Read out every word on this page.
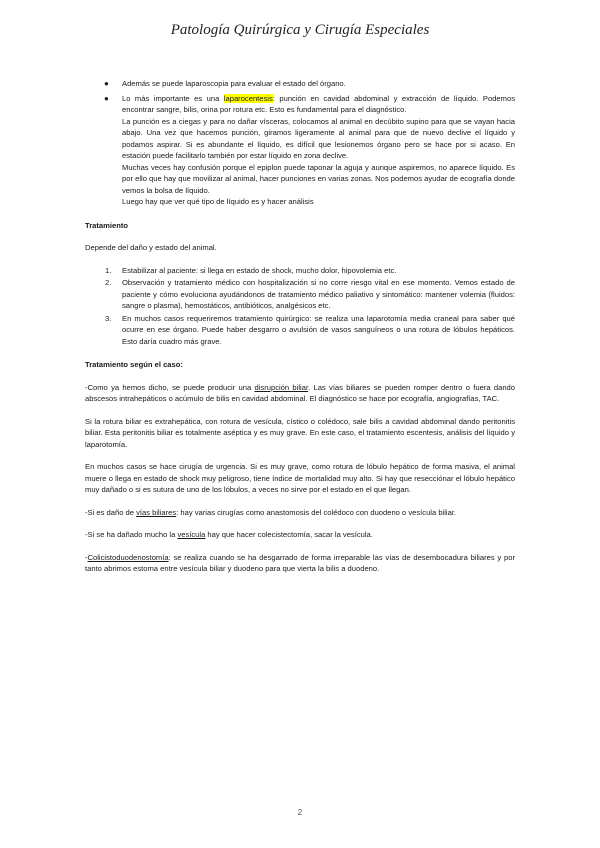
Patología Quirúrgica y Cirugía Especiales
● Además se puede laparoscopia para evaluar el estado del órgano.

● Lo más importante es una laparocentesis: punción en cavidad abdominal y extracción de líquido. Podemos encontrar sangre, bilis, orina por rotura etc. Esto es fundamental para el diagnóstico.

La punción es a ciegas y para no dañar vísceras, colocamos al animal en decúbito supino para que se vayan hacia abajo. Una vez que hacemos punción, giramos ligeramente al animal para que de nuevo declive el líquido y podamos aspirar. Si es abundante el líquido, es difícil que lesionemos órgano pero se hace por si acaso. En estación puede facilitarlo también por estar líquido en zona declive.

Muchas veces hay confusión porque el epiplon puede taponar la aguja y aunque aspiremos, no aparece líquido. Es por ello que hay que movilizar al animal, hacer punciones en varias zonas. Nos podemos ayudar de ecografía donde vemos la bolsa de líquido.

Luego hay que ver qué tipo de líquido es y hacer análisis

Tratamiento

Depende del daño y estado del animal.

1. Estabilizar al paciente: si llega en estado de shock, mucho dolor, hipovolemia etc.
2. Observación y tratamiento médico con hospitalización si no corre riesgo vital en ese momento. Vemos estado de paciente y cómo evoluciona ayudándonos de tratamiento médico paliativo y sintomático: mantener volemia (fluidos: sangre o plasma), hemostáticos, antibióticos, analgésicos etc.
3. En muchos casos requeriremos tratamiento quirúrgico: se realiza una laparotomía media craneal para saber qué ocurre en ese órgano. Puede haber desgarro o avulsión de vasos sanguíneos o una rotura de lóbulos hepáticos. Esto daría cuadro más grave.
Tratamiento según el caso:

-Como ya hemos dicho, se puede producir una disrupción biliar. Las vías biliares se pueden romper dentro o fuera dando abscesos intrahepáticos o acúmulo de bilis en cavidad abdominal. El diagnóstico se hace por ecografía, angiografías, TAC.

Si la rotura biliar es extrahepática, con rotura de vesícula, cístico o colédoco, sale bilis a cavidad abdominal dando peritonitis biliar. Esta peritonitis biliar es totalmente aséptica y es muy grave. En este caso, el tratamiento escentesis, análisis del líquido y laparotomía.

En muchos casos se hace cirugía de urgencia. Si es muy grave, como rotura de lóbulo hepático de forma masiva, el animal muere o llega en estado de shock muy peligroso, tiene índice de mortalidad muy alto. Si hay que resecciónar el lóbulo hepático muy dañado o si es sutura de uno de los lóbulos, a veces no sirve por el estado en el que llegan.

-Si es daño de vías biliares: hay varias cirugías como anastomosis del colédoco con duodeno o vesícula biliar.

-Si se ha dañado mucho la vesícula hay que hacer colecistectomía, sacar la vesícula.

-Colicistoduodenostomía: se realiza cuando se ha desgarrado de forma irreparable las vías de desembocadura biliares y por tanto abrimos estoma entre vesícula biliar y duodeno para que vierta la bilis a duodeno.

2
